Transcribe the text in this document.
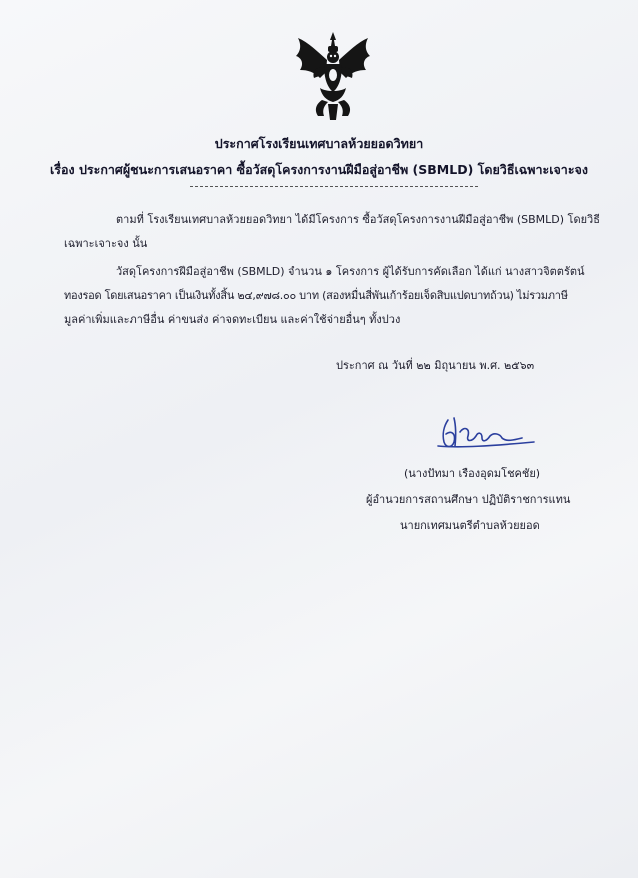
ประกาศโรงเรียนเทศบาลห้วยยอดวิทยา
เรื่อง ประกาศผู้ชนะการเสนอราคา ซื้อวัสดุโครงการงานฝีมือสู่อาชีพ (SBMLD) โดยวิธีเฉพาะเจาะจง
ตามที่ โรงเรียนเทศบาลห้วยยอดวิทยา ได้มีโครงการ ซื้อวัสดุโครงการงานฝีมือสู่อาชีพ (SBMLD) โดยวิธี
เฉพาะเจาะจง นั้น
วัสดุโครงการฝีมือสู่อาชีพ (SBMLD) จำนวน ๑ โครงการ ผู้ได้รับการคัดเลือก ได้แก่ นางสาวจิตตรัตน์
ทองรอด โดยเสนอราคา เป็นเงินทั้งสิ้น ๒๔,๙๗๘.๐๐ บาท (สองหมื่นสี่พันเก้าร้อยเจ็ดสิบแปดบาทถ้วน) ไม่รวมภาษี
มูลค่าเพิ่มและภาษีอื่น ค่าขนส่ง ค่าจดทะเบียน และค่าใช้จ่ายอื่นๆ ทั้งปวง
ประกาศ ณ วันที่ ๒๒ มิถุนายน พ.ศ. ๒๕๖๓
(นางปัทมา เรืองอุดมโชคชัย)
ผู้อำนวยการสถานศึกษา ปฏิบัติราชการแทน
นายกเทศมนตรีตำบลห้วยยอด
